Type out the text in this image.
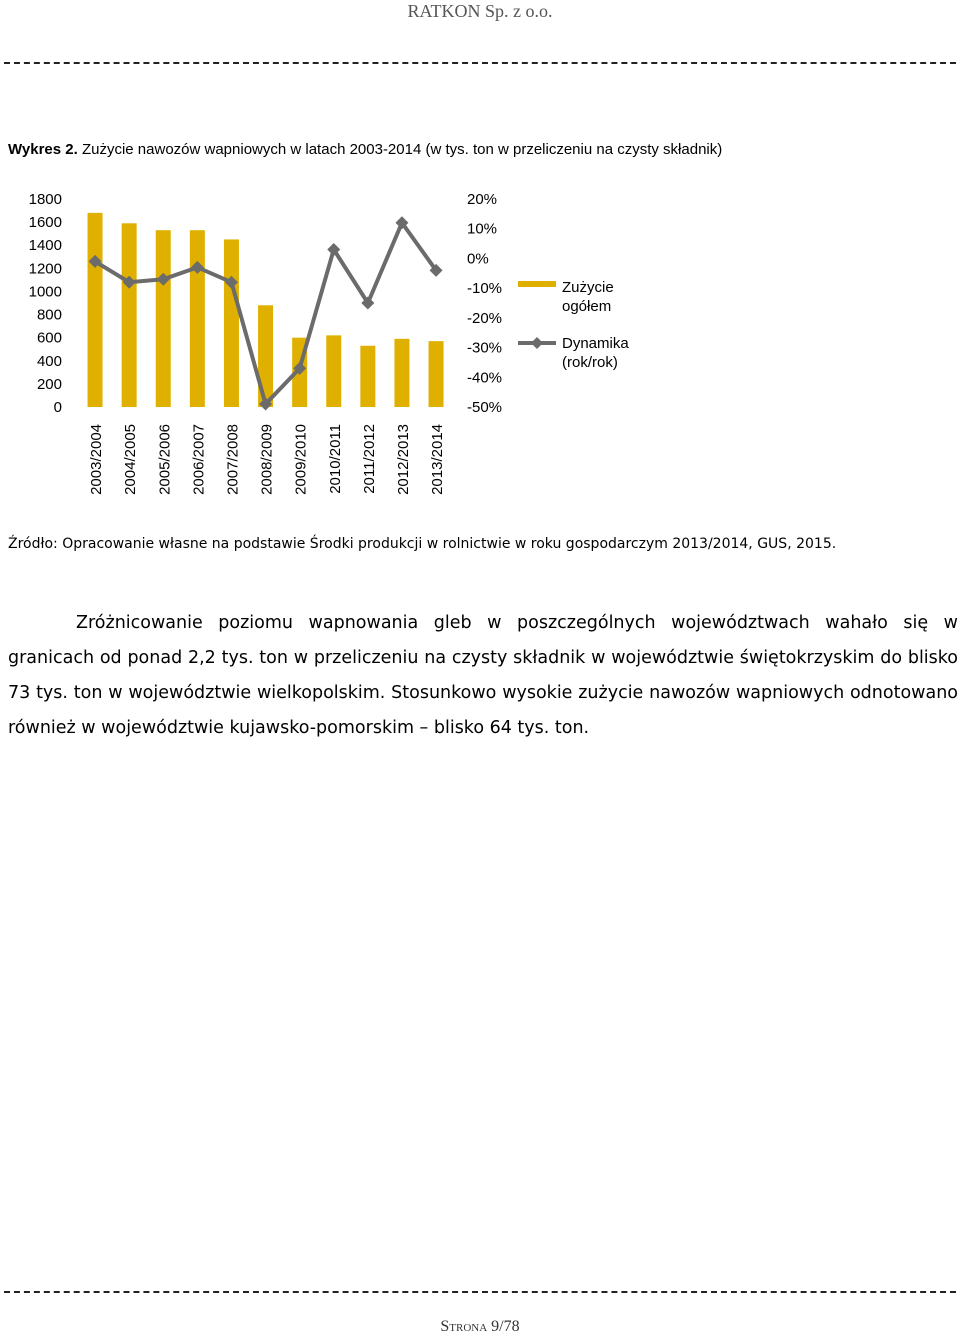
RATKON Sp. z o.o.
Wykres 2. Zużycie nawozów wapniowych w latach 2003-2014 (w tys. ton w przeliczeniu na czysty składnik)
1800
1600
1400
1200
1000
800
600
400
200
0
20%
10%
0%
-10%
-20%
-30%
-40%
-50%
2003/2004 2004/2005 2005/2006 2006/2007 2007/2008 2008/2009 2009/2010 2010/2011 2011/2012 2012/2013 2013/2014
Zużycie
ogółem
Dynamika
(rok/rok)
Źródło: Opracowanie własne na podstawie Środki produkcji w rolnictwie w roku gospodarczym 2013/2014, GUS, 2015.

Zróżnicowanie poziomu wapnowania gleb w poszczególnych województwach wahało się w granicach od ponad 2,2 tys. ton w przeliczeniu na czysty składnik w województwie świętokrzyskim do blisko 73 tys. ton w województwie wielkopolskim. Stosunkowo wysokie zużycie nawozów wapniowych odnotowano również w województwie kujawsko-pomorskim – blisko 64 tys. ton.

Strona 9/78
